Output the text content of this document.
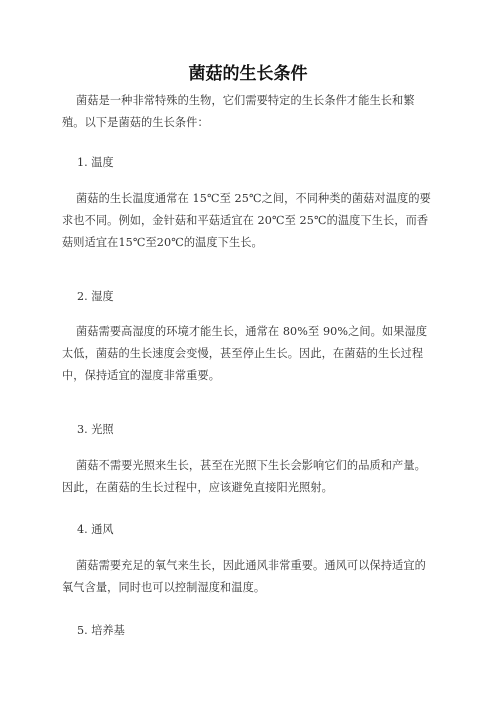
菌菇的生长条件

菌菇是一种非常特殊的生物，它们需要特定的生长条件才能生长和繁殖。以下是菌菇的生长条件：

1. 温度

菌菇的生长温度通常在 15℃至 25℃之间，不同种类的菌菇对温度的要求也不同。例如，金针菇和平菇适宜在 20℃至 25℃的温度下生长，而香菇则适宜在15℃至20℃的温度下生长。

2. 湿度

菌菇需要高湿度的环境才能生长，通常在 80%至 90%之间。如果湿度太低，菌菇的生长速度会变慢，甚至停止生长。因此，在菌菇的生长过程中，保持适宜的湿度非常重要。

3. 光照

菌菇不需要光照来生长，甚至在光照下生长会影响它们的品质和产量。因此，在菌菇的生长过程中，应该避免直接阳光照射。

4. 通风

菌菇需要充足的氧气来生长，因此通风非常重要。通风可以保持适宜的氧气含量，同时也可以控制湿度和温度。

5. 培养基
